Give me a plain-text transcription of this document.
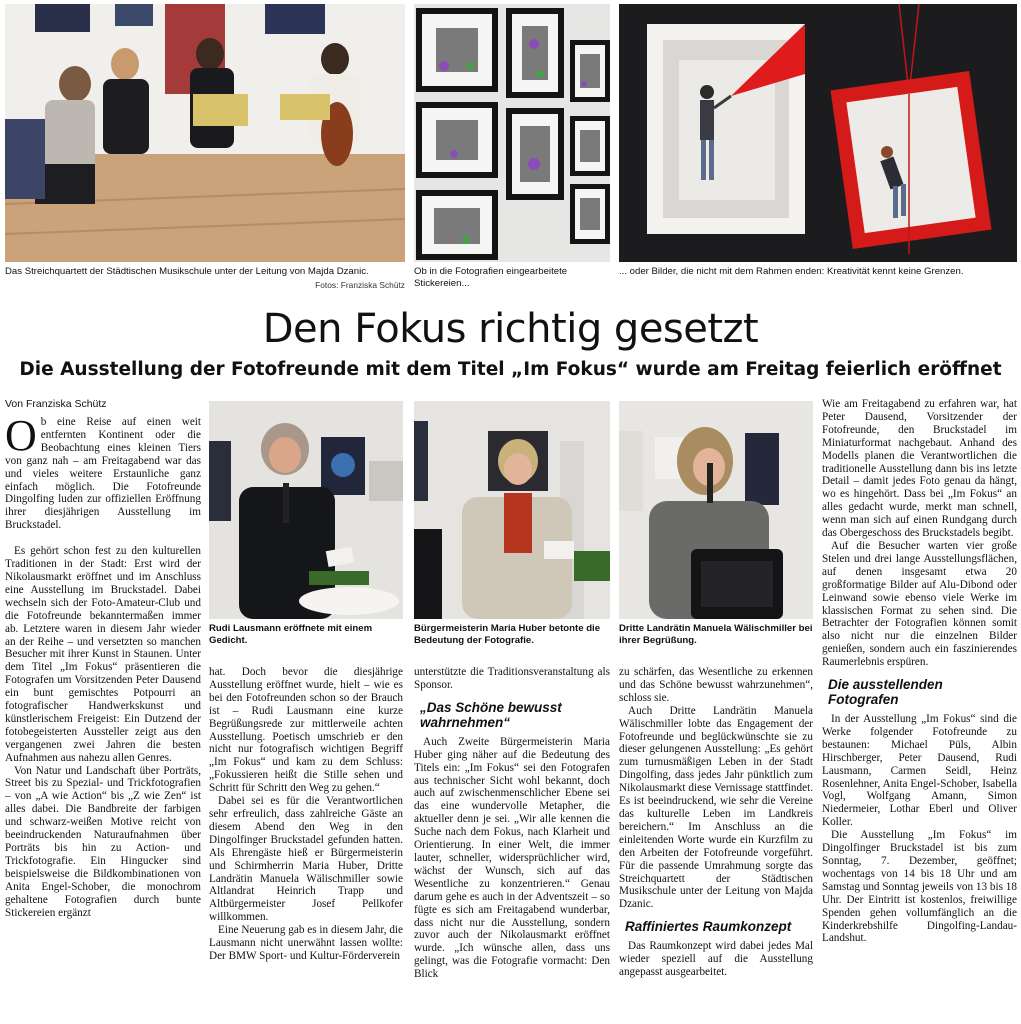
Das Streichquartett der Städtischen Musikschule unter der Leitung von Majda Dzanic.
Fotos: Franziska Schütz
Ob in die Fotografien eingearbeitete Stickereien...
... oder Bilder, die nicht mit dem Rahmen enden: Kreativität kennt keine Grenzen.
Den Fokus richtig gesetzt
Die Ausstellung der Fotofreunde mit dem Titel „Im Fokus“ wurde am Freitag feierlich eröffnet
Rudi Lausmann eröffnete mit einem Gedicht.
Bürgermeisterin Maria Huber betonte die Bedeutung der Fotografie.
Dritte Landrätin Manuela Wälischmiller bei ihrer Begrüßung.
Von Franziska Schütz

Ob eine Reise auf einen weit entfernten Kontinent oder die Beobachtung eines kleinen Tiers von ganz nah – am Freitagabend war das und vieles weitere Erstaunliche ganz einfach möglich. Die Fotofreunde Dingolfing luden zur offiziellen Eröffnung ihrer diesjährigen Ausstellung im Bruckstadel.

Es gehört schon fest zu den kulturellen Traditionen in der Stadt: Erst wird der Nikolausmarkt eröffnet und im Anschluss eine Ausstellung im Bruckstadel. Dabei wechseln sich der Foto-Amateur-Club und die Fotofreunde bekanntermaßen immer ab. Letztere waren in diesem Jahr wieder an der Reihe – und versetzten so manchen Besucher mit ihrer Kunst in Staunen. Unter dem Titel „Im Fokus“ präsentieren die Fotografen um Vorsitzenden Peter Dausend ein bunt gemischtes Potpourri an fotografischer Handwerkskunst und künstlerischem Freigeist: Ein Dutzend der fotobegeisterten Aussteller zeigt aus den vergangenen zwei Jahren die besten Aufnahmen aus nahezu allen Genres.

Von Natur und Landschaft über Porträts, Street bis zu Spezial- und Trickfotografien – von „A wie Action“ bis „Z wie Zen“ ist alles dabei. Die Bandbreite der farbigen und schwarz-weißen Motive reicht von beeindruckenden Naturaufnahmen über Porträts bis hin zu Action- und Trickfotografie. Ein Hingucker sind beispielsweise die Bildkombinationen von Anita Engel-Schober, die monochrom gehaltene Fotografien durch bunte Stickereien ergänzt

hat. Doch bevor die diesjährige Ausstellung eröffnet wurde, hielt – wie es bei den Fotofreunden schon so der Brauch ist – Rudi Lausmann eine kurze Begrüßungsrede zur mittlerweile achten Ausstellung. Poetisch umschrieb er den nicht nur fotografisch wichtigen Begriff „Im Fokus“ und kam zu dem Schluss: „Fokussieren heißt die Stille sehen und Schritt für Schritt den Weg zu gehen.“

Dabei sei es für die Verantwortlichen sehr erfreulich, dass zahlreiche Gäste an diesem Abend den Weg in den Dingolfinger Bruckstadel gefunden hatten. Als Ehrengäste hieß er Bürgermeisterin und Schirmherrin Maria Huber, Dritte Landrätin Manuela Wälischmiller sowie Altlandrat Heinrich Trapp und Altbürgermeister Josef Pellkofer willkommen.

Eine Neuerung gab es in diesem Jahr, die Lausmann nicht unerwähnt lassen wollte: Der BMW Sport- und Kultur-Förderverein

unterstützte die Traditionsveranstaltung als Sponsor.

„Das Schöne bewusst wahrnehmen“

Auch Zweite Bürgermeisterin Maria Huber ging näher auf die Bedeutung des Titels ein: „Im Fokus“ sei den Fotografen aus technischer Sicht wohl bekannt, doch auch auf zwischenmenschlicher Ebene sei das eine wundervolle Metapher, die aktueller denn je sei. „Wir alle kennen die Suche nach dem Fokus, nach Klarheit und Orientierung. In einer Welt, die immer lauter, schneller, widersprüchlicher wird, wächst der Wunsch, sich auf das Wesentliche zu konzentrieren.“ Genau darum gehe es auch in der Adventszeit – so fügte es sich am Freitagabend wunderbar, dass nicht nur die Ausstellung, sondern zuvor auch der Nikolausmarkt eröffnet wurde. „Ich wünsche allen, dass uns gelingt, was die Fotografie vormacht: Den Blick

zu schärfen, das Wesentliche zu erkennen und das Schöne bewusst wahrzunehmen“, schloss sie.

Auch Dritte Landrätin Manuela Wälischmiller lobte das Engagement der Fotofreunde und beglückwünschte sie zu dieser gelungenen Ausstellung: „Es gehört zum turnusmäßigen Leben in der Stadt Dingolfing, dass jedes Jahr pünktlich zum Nikolausmarkt diese Vernissage stattfindet. Es ist beeindruckend, wie sehr die Vereine das kulturelle Leben im Landkreis bereichern.“ Im Anschluss an die einleitenden Worte wurde ein Kurzfilm zu den Arbeiten der Fotofreunde vorgeführt. Für die passende Umrahmung sorgte das Streichquartett der Städtischen Musikschule unter der Leitung von Majda Dzanic.

Raffiniertes Raumkonzept

Das Raumkonzept wird dabei jedes Mal wieder speziell auf die Ausstellung angepasst ausgearbeitet.

Wie am Freitagabend zu erfahren war, hat Peter Dausend, Vorsitzender der Fotofreunde, den Bruckstadel im Miniaturformat nachgebaut. Anhand des Modells planen die Verantwortlichen die traditionelle Ausstellung dann bis ins letzte Detail – damit jedes Foto genau da hängt, wo es hingehört. Dass bei „Im Fokus“ an alles gedacht wurde, merkt man schnell, wenn man sich auf einen Rundgang durch das Obergeschoss des Bruckstadels begibt.

Auf die Besucher warten vier große Stelen und drei lange Ausstellungsflächen, auf denen insgesamt etwa 20 großformatige Bilder auf Alu-Dibond oder Leinwand sowie ebenso viele Werke im klassischen Format zu sehen sind. Die Betrachter der Fotografien können somit also nicht nur die einzelnen Bilder genießen, sondern auch ein faszinierendes Raumerlebnis erspüren.

Die ausstellenden Fotografen

In der Ausstellung „Im Fokus“ sind die Werke folgender Fotofreunde zu bestaunen: Michael Püls, Albin Hirschberger, Peter Dausend, Rudi Lausmann, Carmen Seidl, Heinz Rosenlehner, Anita Engel-Schober, Isabella Vogl, Wolfgang Amann, Simon Niedermeier, Lothar Eberl und Oliver Koller.

Die Ausstellung „Im Fokus“ im Dingolfinger Bruckstadel ist bis zum Sonntag, 7. Dezember, geöffnet; wochentags von 14 bis 18 Uhr und am Samstag und Sonntag jeweils von 13 bis 18 Uhr. Der Eintritt ist kostenlos, freiwillige Spenden gehen vollumfänglich an die Kinderkrebshilfe Dingolfing-Landau-Landshut.
